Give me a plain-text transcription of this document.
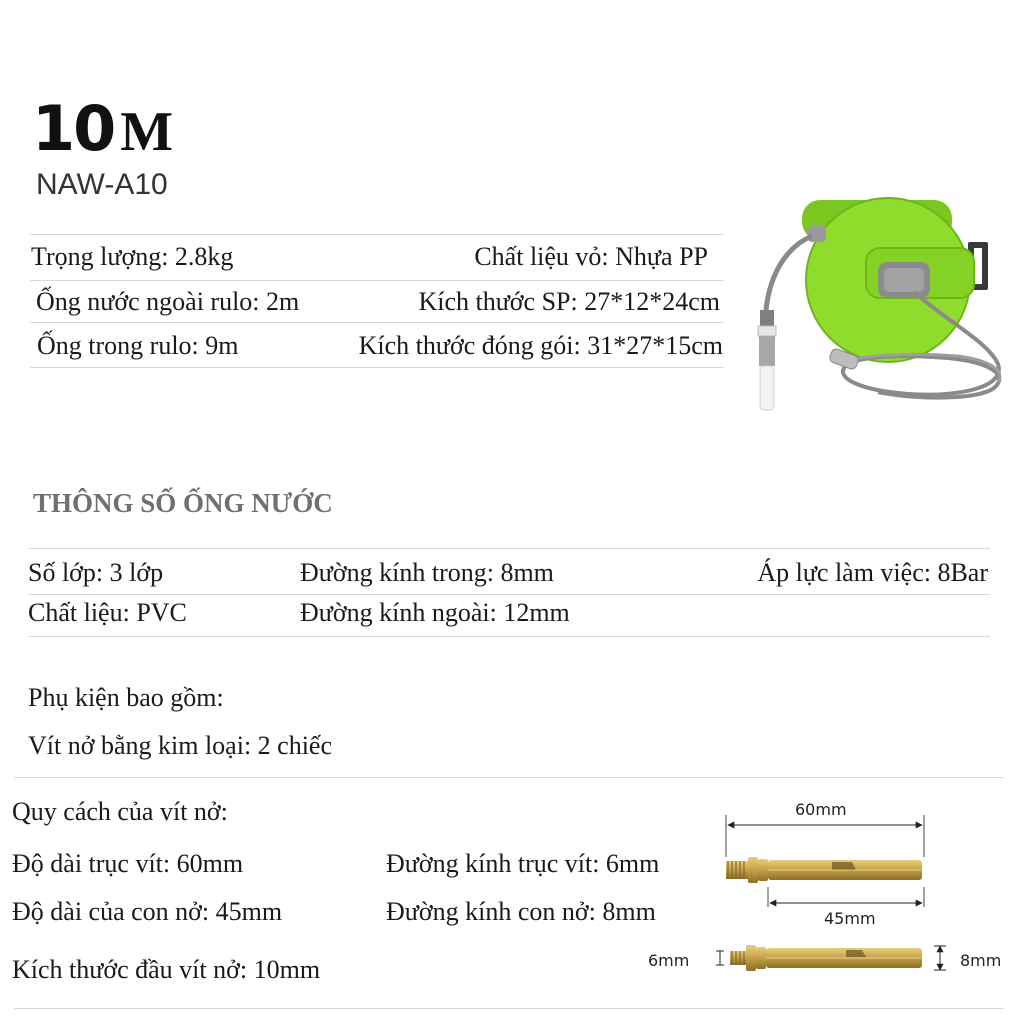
10 M
NAW-A10
Trọng lượng: 2.8kg	Chất liệu vỏ: Nhựa PP
Ống nước ngoài rulo: 2m	Kích thước SP: 27*12*24cm
Ống trong rulo: 9m	Kích thước đóng gói: 31*27*15cm
THÔNG SỐ ỐNG NƯỚC
Số lớp: 3 lớp	Đường kính trong: 8mm	Áp lực làm việc: 8Bar
Chất liệu: PVC	Đường kính ngoài: 12mm
Phụ kiện bao gồm:
Vít nở bằng kim loại: 2 chiếc
Quy cách của vít nở:
Độ dài trục vít: 60mm	Đường kính trục vít: 6mm
Độ dài của con nở: 45mm	Đường kính con nở: 8mm
Kích thước đầu vít nở: 10mm
60mm
45mm
6mm	8mm
